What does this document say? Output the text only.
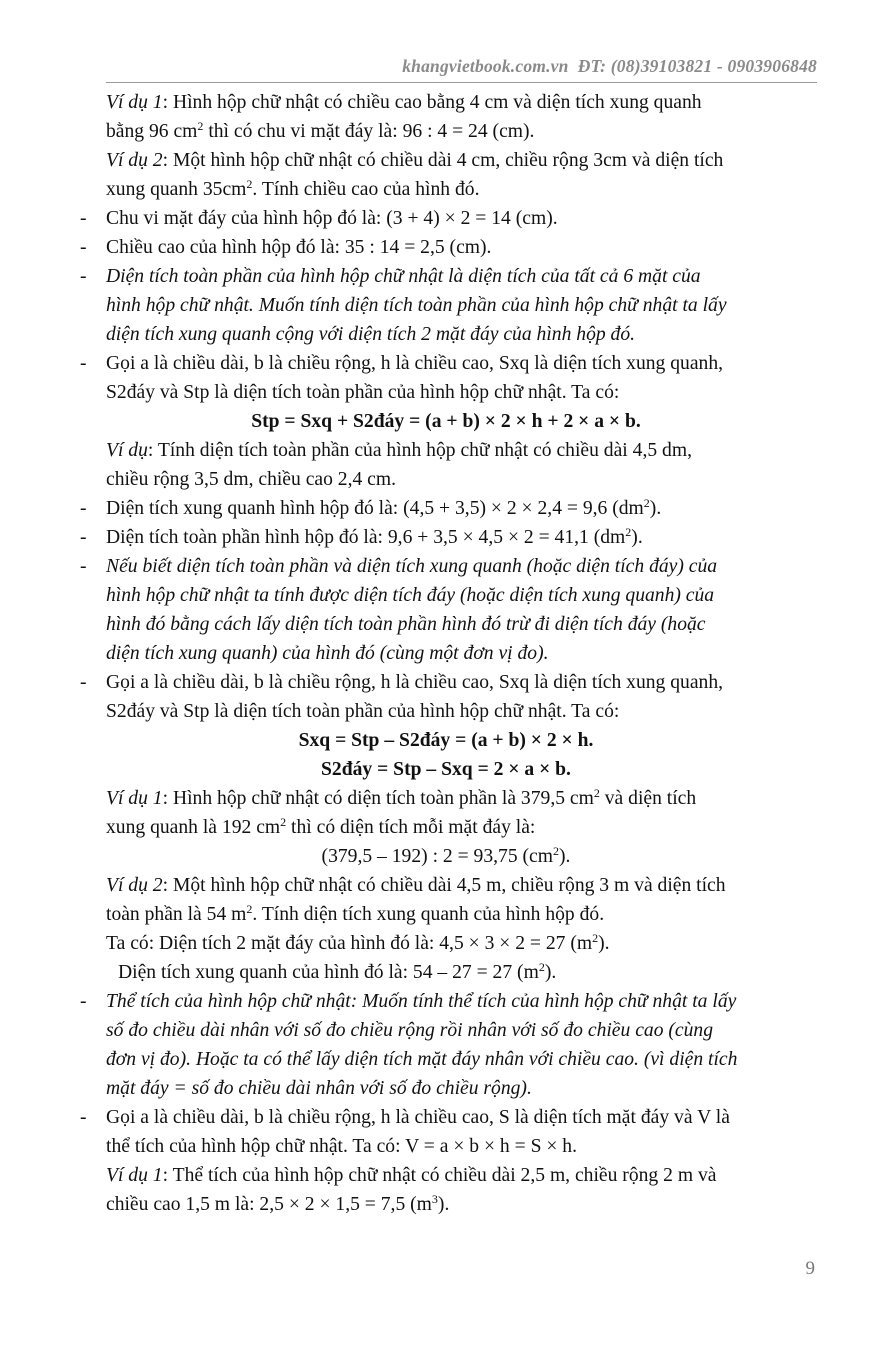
khangvietbook.com.vn ĐT: (08)39103821 - 0903906848
Ví dụ 1: Hình hộp chữ nhật có chiều cao bằng 4 cm và diện tích xung quanh
bằng 96 $cm^2$ thì có chu vi mặt đáy là: 96 : 4 = 24 (cm).
Ví dụ 2: Một hình hộp chữ nhật có chiều dài 4 cm, chiều rộng 3cm và diện tích
xung quanh $35cm^2$. Tính chiều cao của hình đó.
- Chu vi mặt đáy của hình hộp đó là: (3 + 4) × 2 = 14 (cm).
- Chiều cao của hình hộp đó là: 35 : 14 = 2,5 (cm).
- Diện tích toàn phần của hình hộp chữ nhật là diện tích của tất cả 6 mặt của
hình hộp chữ nhật. Muốn tính diện tích toàn phần của hình hộp chữ nhật ta lấy
diện tích xung quanh cộng với diện tích 2 mặt đáy của hình hộp đó.
- Gọi a là chiều dài, b là chiều rộng, h là chiều cao, Sxq là diện tích xung quanh,
S2đáy và Stp là diện tích toàn phần của hình hộp chữ nhật. Ta có:
Stp = Sxq + S2đáy = (a + b) × 2 × h + 2 × a × b.
Ví dụ: Tính diện tích toàn phần của hình hộp chữ nhật có chiều dài 4,5 dm,
chiều rộng 3,5 dm, chiều cao 2,4 cm.
- Diện tích xung quanh hình hộp đó là: (4,5 + 3,5) × 2 × 2,4 = 9,6 $(dm^2)$.
- Diện tích toàn phần hình hộp đó là: 9,6 + 3,5 × 4,5 × 2 = 41,1 $(dm^2)$.
- Nếu biết diện tích toàn phần và diện tích xung quanh (hoặc diện tích đáy) của
hình hộp chữ nhật ta tính được diện tích đáy (hoặc diện tích xung quanh) của
hình đó bằng cách lấy diện tích toàn phần hình đó trừ đi diện tích đáy (hoặc
diện tích xung quanh) của hình đó (cùng một đơn vị đo).
- Gọi a là chiều dài, b là chiều rộng, h là chiều cao, Sxq là diện tích xung quanh,
S2đáy và Stp là diện tích toàn phần của hình hộp chữ nhật. Ta có:
Sxq = Stp – S2đáy = (a + b) × 2 × h.
S2đáy = Stp – Sxq = 2 × a × b.
Ví dụ 1: Hình hộp chữ nhật có diện tích toàn phần là 379,5 $cm^2$ và diện tích
xung quanh là 192 $cm^2$ thì có diện tích mỗi mặt đáy là:
(379,5 – 192) : 2 = 93,75 $(cm^2)$.
Ví dụ 2: Một hình hộp chữ nhật có chiều dài 4,5 m, chiều rộng 3 m và diện tích
toàn phần là 54 $m^2$. Tính diện tích xung quanh của hình hộp đó.
Ta có: Diện tích 2 mặt đáy của hình đó là: 4,5 × 3 × 2 = 27 $(m^2)$.
Diện tích xung quanh của hình đó là: 54 – 27 = 27 $(m^2)$.
- Thể tích của hình hộp chữ nhật: Muốn tính thể tích của hình hộp chữ nhật ta lấy
số đo chiều dài nhân với số đo chiều rộng rồi nhân với số đo chiều cao (cùng
đơn vị đo). Hoặc ta có thể lấy diện tích mặt đáy nhân với chiều cao. (vì diện tích
mặt đáy = số đo chiều dài nhân với số đo chiều rộng).
- Gọi a là chiều dài, b là chiều rộng, h là chiều cao, S là diện tích mặt đáy và V là
thể tích của hình hộp chữ nhật. Ta có: V = a × b × h = S × h.
Ví dụ 1: Thể tích của hình hộp chữ nhật có chiều dài 2,5 m, chiều rộng 2 m và
chiều cao 1,5 m là: 2,5 × 2 × 1,5 = 7,5 $(m^3)$.
9
